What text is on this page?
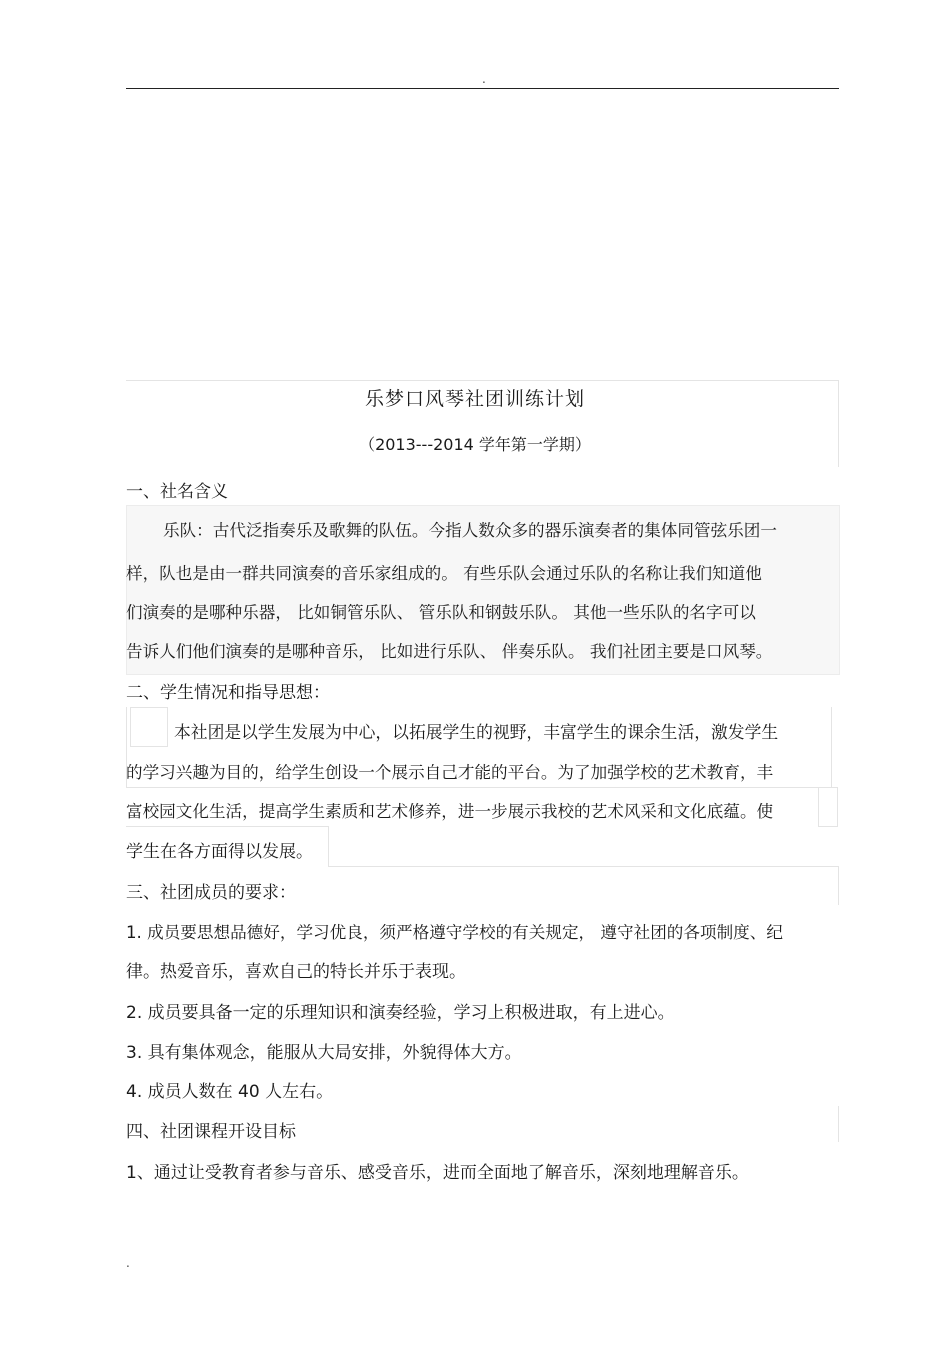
.
.
乐梦口风琴社团训练计划
（2013---2014 学年第一学期）
一、社名含义
乐队：古代泛指奏乐及歌舞的队伍。今指人数众多的器乐演奏者的集体同管弦乐团一
样，队也是由一群共同演奏的音乐家组成的。 有些乐队会通过乐队的名称让我们知道他
们演奏的是哪种乐器， 比如铜管乐队、 管乐队和钢鼓乐队。 其他一些乐队的名字可以
告诉人们他们演奏的是哪种音乐， 比如进行乐队、 伴奏乐队。 我们社团主要是口风琴。
二、学生情况和指导思想：
本社团是以学生发展为中心，以拓展学生的视野，丰富学生的课余生活，激发学生
的学习兴趣为目的，给学生创设一个展示自己才能的平台。为了加强学校的艺术教育，丰
富校园文化生活，提高学生素质和艺术修养，进一步展示我校的艺术风采和文化底蕴。使
学生在各方面得以发展。
三、社团成员的要求：
1. 成员要思想品德好，学习优良，须严格遵守学校的有关规定， 遵守社团的各项制度、纪
律。热爱音乐，喜欢自己的特长并乐于表现。
2. 成员要具备一定的乐理知识和演奏经验，学习上积极进取，有上进心。
3. 具有集体观念，能服从大局安排，外貌得体大方。
4. 成员人数在 40 人左右。
四、社团课程开设目标
1、通过让受教育者参与音乐、感受音乐，进而全面地了解音乐，深刻地理解音乐。
